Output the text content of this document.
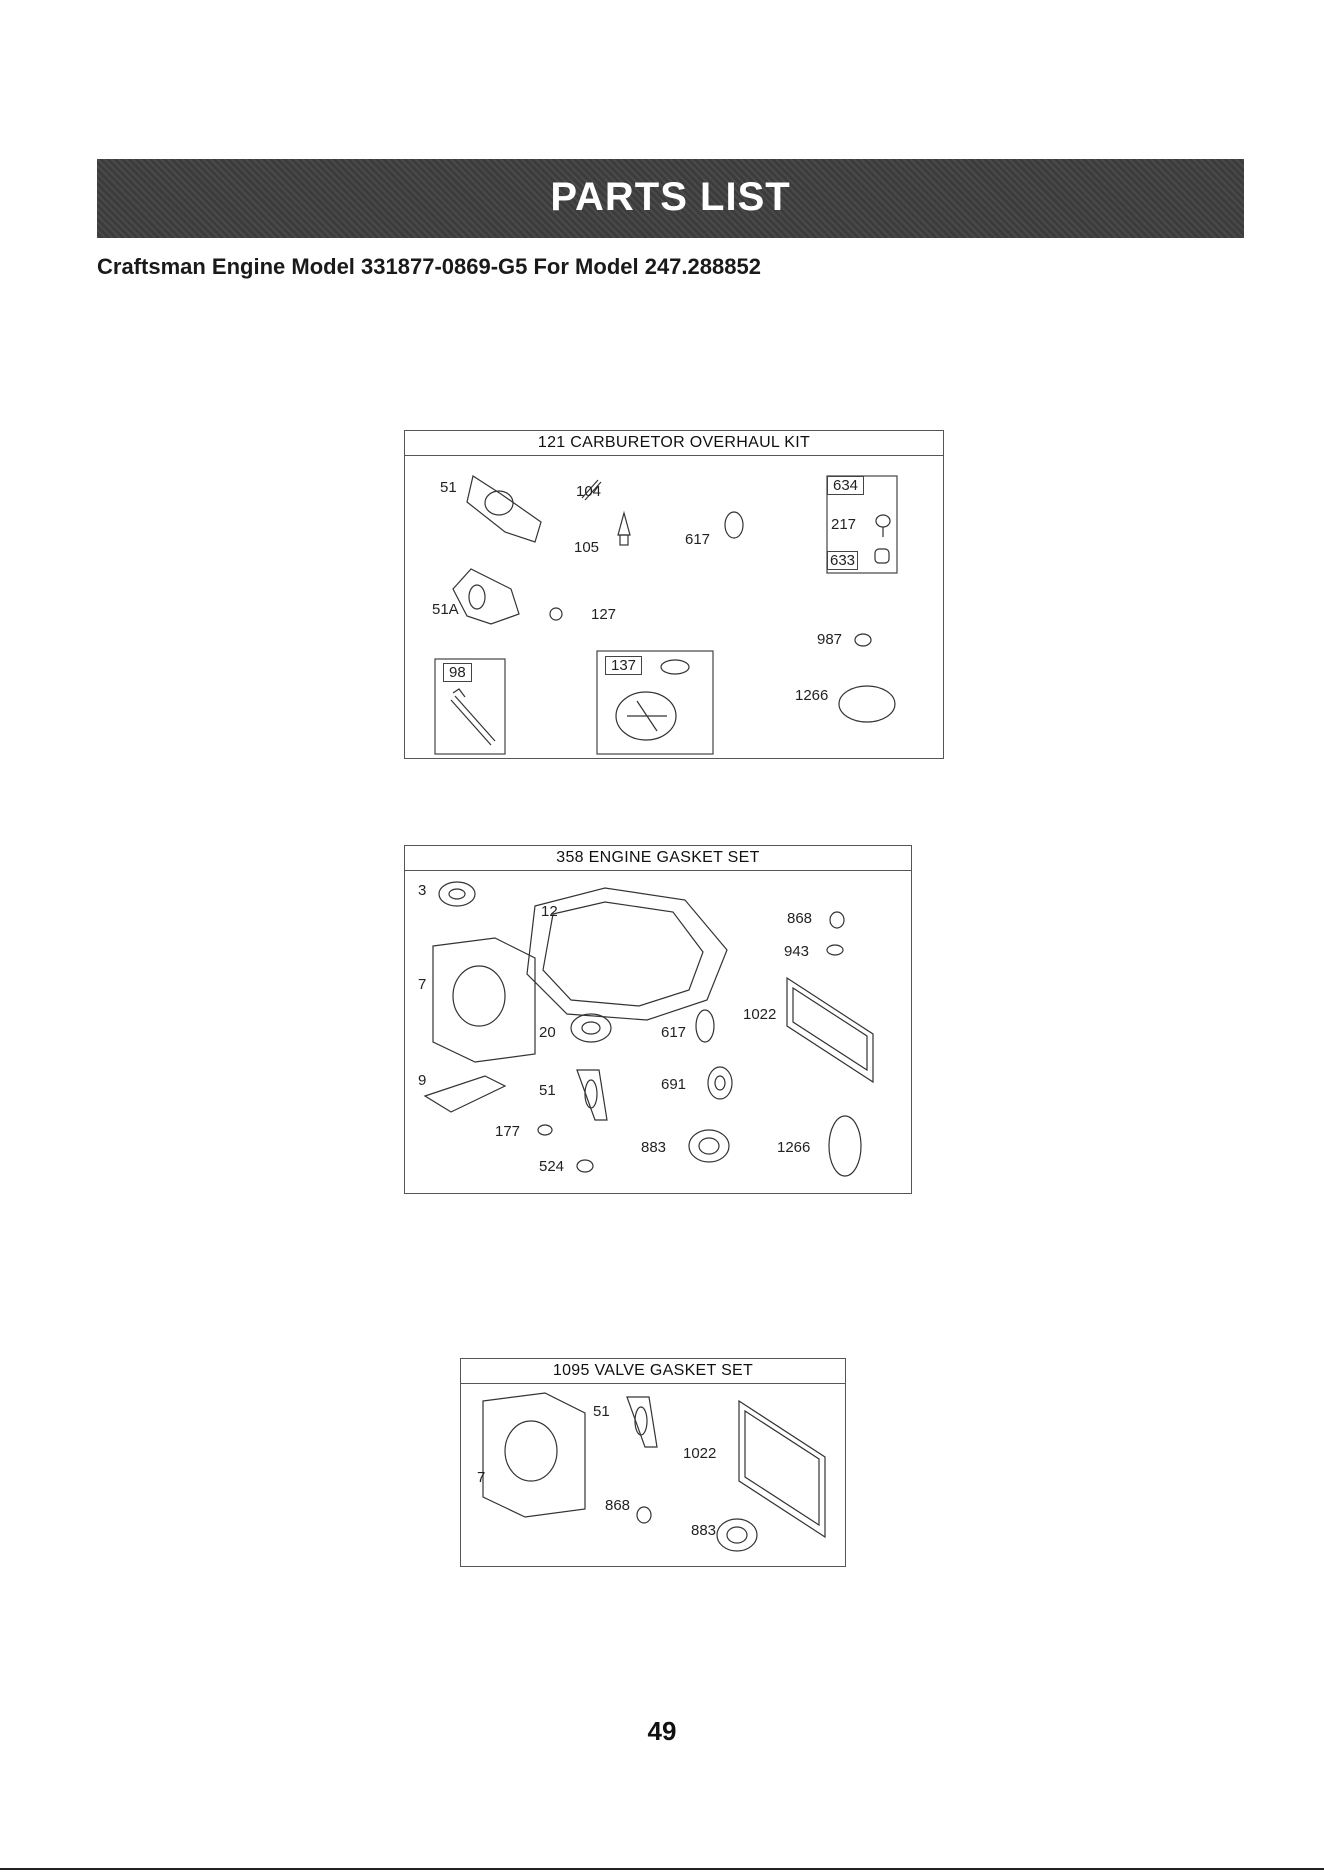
PARTS LIST
Craftsman Engine Model 331877-0869-G5 For Model 247.288852
121 CARBURETOR OVERHAUL KIT
51	104	634
217
105	617
633
51A	127
987
98	137
1266
358 ENGINE GASKET SET
3
12	868
943
7
1022
20	617
9
51	691
177
883	1266
524
1095 VALVE GASKET SET
51
7
1022
868
883
49
